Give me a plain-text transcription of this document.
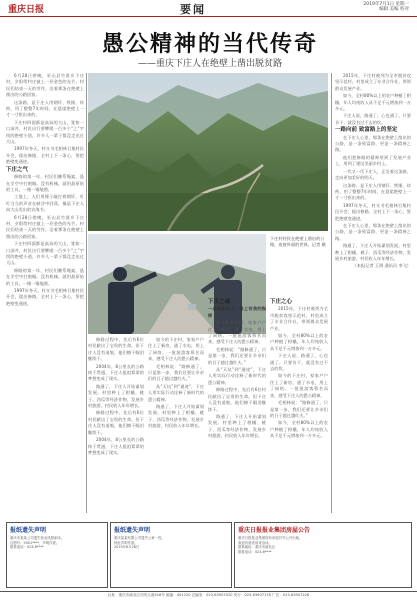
重庆日报	要闻	2019年7月1日 星期一
编辑 美编 校对
愚公精神的当代传奇
——重庆下庄人在绝壁上凿出脱贫路

6月28日傍晚，巫山县竹贤乡下庄村，夕阳给村庄披上一层金色的光芒。村民们结束一天的劳作，沿着那条在绝壁上凿出的公路回家。

这条路，是下庄人用钢钎、铁锤、炸药，用了整整7年时间，在悬崖绝壁上一寸一寸抠出来的。

下庄村四面都是高耸的大山，犹如一口深井，村民出行要攀爬一百多个“之”字拐的绝壁小道，许多人一辈子都没走出过大山。

1997年冬天，村支书毛相林召集村民开会，提出修路，全村上下一条心，誓把绝壁变通途。

下庄之气

修路的第一年，村民们腰系绳索，悬在半空中打炮眼。没有机械，就用最原始的工具，一锤一锤地凿。

工地上，人们用锤子敲打着钢钎，叮叮当当的声音在峡谷中回荡，像是下庄人向大山发出的宣战书。

6月28日傍晚，巫山县竹贤乡下庄村，夕阳给村庄披上一层金色的光芒。村民们结束一天的劳作，沿着那条在绝壁上凿出的公路回家。

下庄村四面都是高耸的大山，犹如一口深井，村民出行要攀爬一百多个“之”字拐的绝壁小道，许多人一辈子都没走出过大山。

修路的第一年，村民们腰系绳索，悬在半空中打炮眼。没有机械，就用最原始的工具，一锤一锤地凿。

1997年冬天，村支书毛相林召集村民开会，提出修路，全村上下一条心，誓把绝壁变通途。

下庄村村民在绝壁上凿出的公路，连接外面的世界。记者 摄

修路过程中，先后有6位村民献出了宝贵的生命。但下庄人没有退缩，他们擦干眼泪继续干。

2004年，8公里长的公路终于贯通，下庄人祖祖辈辈的梦想变成了现实。

路通了，下庄人开始谋划发展。村里种上了柑橘、桃子、西瓜等经济作物，发展乡村旅游，村民收入年年增长。

修路过程中，先后有6位村民献出了宝贵的生命。但下庄人没有退缩，他们擦干眼泪继续干。

2004年，8公里长的公路终于贯通，下庄人祖祖辈辈的梦想变成了现实。

如今的下庄村，家家户户住上了新房，通了水电，用上了网络。一批批游客慕名而来，感受下庄人的愚公精神。

毛相林说：“路修通了，只是第一步，我们还要让乡亲们的日子越过越红火。”

从“天坑”到“通途”，下庄人用实际行动诠释了新时代的愚公精神。

路通了，下庄人开始谋划发展。村里种上了柑橘、桃子、西瓜等经济作物，发展乡村旅游，村民收入年年增长。

下庄之魂

一条致富路上，路上有我的指挥

如今的下庄村，家家户户住上了新房，通了水电，用上了网络。一批批游客慕名而来，感受下庄人的愚公精神。

毛相林说：“路修通了，只是第一步，我们还要让乡亲们的日子越过越红火。”

从“天坑”到“通途”，下庄人用实际行动诠释了新时代的愚公精神。

修路过程中，先后有6位村民献出了宝贵的生命。但下庄人没有退缩，他们擦干眼泪继续干。

路通了，下庄人开始谋划发展。村里种上了柑橘、桃子、西瓜等经济作物，发展乡村旅游，村民收入年年增长。

下庄之心

2015年，下庄村被列为全市脱贫攻坚示范村。村里成立了专业合作社，带领群众发展产业。

如今，全村80%以上的农户种植了柑橘，年人均纯收入从不足千元增加到一万多元。

下庄人说，路通了，心也通了。只要肯干，就没有过不去的坎。

如今的下庄村，家家户户住上了新房，通了水电，用上了网络。一批批游客慕名而来，感受下庄人的愚公精神。

毛相林说：“路修通了，只是第一步，我们还要让乡亲们的日子越过越红火。”

如今，全村80%以上的农户种植了柑橘，年人均纯收入从不足千元增加到一万多元。

2015年，下庄村被列为全市脱贫攻坚示范村。村里成立了专业合作社，带领群众发展产业。

如今，全村80%以上的农户种植了柑橘，年人均纯收入从不足千元增加到一万多元。

下庄人说，路通了，心也通了。只要肯干，就没有过不去的坎。

一路向前 致富路上的坚定

在下庄人心里，那条在绝壁上凿出的公路，是一条致富路，更是一条精神之路。

他们把修路的精神用到了发展产业上，用到了建设美丽乡村上。

一代又一代下庄人，正沿着这条路，走向更加美好的明天。

这条路，是下庄人用钢钎、铁锤、炸药，用了整整7年时间，在悬崖绝壁上一寸一寸抠出来的。

1997年冬天，村支书毛相林召集村民开会，提出修路，全村上下一条心，誓把绝壁变通途。

在下庄人心里，那条在绝壁上凿出的公路，是一条致富路，更是一条精神之路。

路通了，下庄人开始谋划发展。村里种上了柑橘、桃子、西瓜等经济作物，发展乡村旅游，村民收入年年增长。

（本报记者 王翔 通讯员 李飞）

报纸遗失声明
重庆市某某公司遗失营业执照副本，
注册号：5001****，声明作废。
联系电话：023-6****
报纸遗失声明
重庆某某有限公司遗失公章一枚，
特此声明作废。
2019年6月28日
重庆日报报业集团房屋公告
重庆日报报业集团现有房屋对外公开出租，
欢迎有意者前来洽谈。
联系地址：重庆市渝北区
联系电话：023-6****
社址：重庆市渝北区同茂大道416号 邮编：401120 总编室：023-63907020 发行：023-63907176 广告：023-63907228
